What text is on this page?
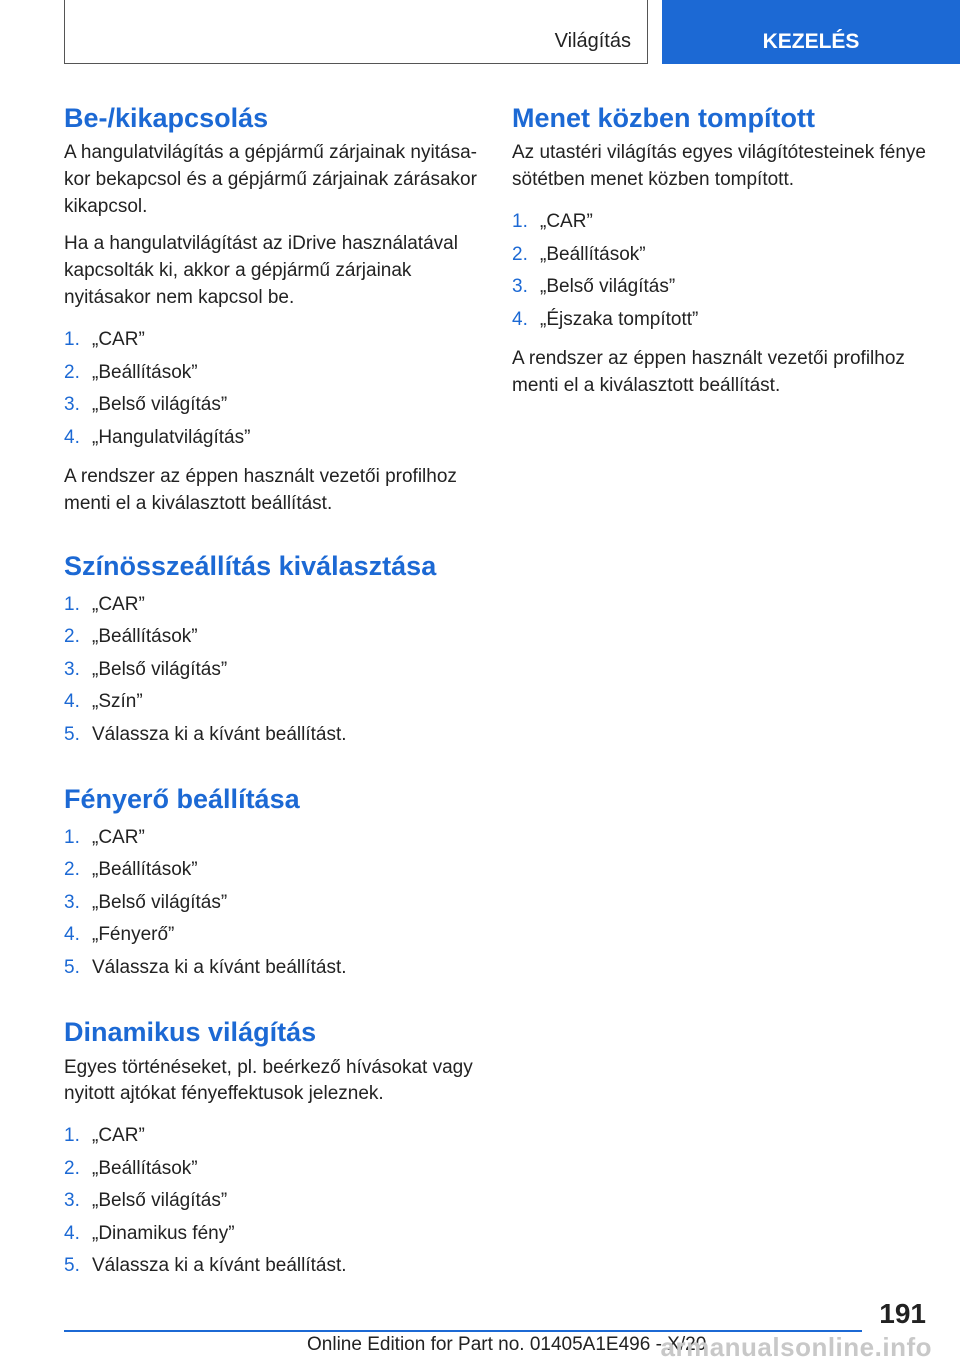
Világítás	KEZELÉS
Be-/kikapcsolás

A hangulatvilágítás a gépjármű zárjainak nyitásakor bekapcsol és a gépjármű zárjainak zárásakor kikapcsol.

Ha a hangulatvilágítást az iDrive használatával kapcsolták ki, akkor a gépjármű zárjainak nyitásakor nem kapcsol be.

1. „CAR”
2. „Beállítások”
3. „Belső világítás”
4. „Hangulatvilágítás”

A rendszer az éppen használt vezetői profilhoz menti el a kiválasztott beállítást.

Színösszeállítás kiválasztása
1. „CAR”
2. „Beállítások”
3. „Belső világítás”
4. „Szín”
5. Válassza ki a kívánt beállítást.
Fényerő beállítása
1. „CAR”
2. „Beállítások”
3. „Belső világítás”
4. „Fényerő”
5. Válassza ki a kívánt beállítást.
Dinamikus világítás

Egyes történéseket, pl. beérkező hívásokat vagy nyitott ajtókat fényeffektusok jeleznek.

1. „CAR”
2. „Beállítások”
3. „Belső világítás”
4. „Dinamikus fény”
5. Válassza ki a kívánt beállítást.
Menet közben tompított

Az utastéri világítás egyes világítótesteinek fénye sötétben menet közben tompított.

1. „CAR”
2. „Beállítások”
3. „Belső világítás”
4. „Éjszaka tompított”

A rendszer az éppen használt vezetői profilhoz menti el a kiválasztott beállítást.

191
Online Edition for Part no. 01405A1E496 - X/20
armanualsonline.info
